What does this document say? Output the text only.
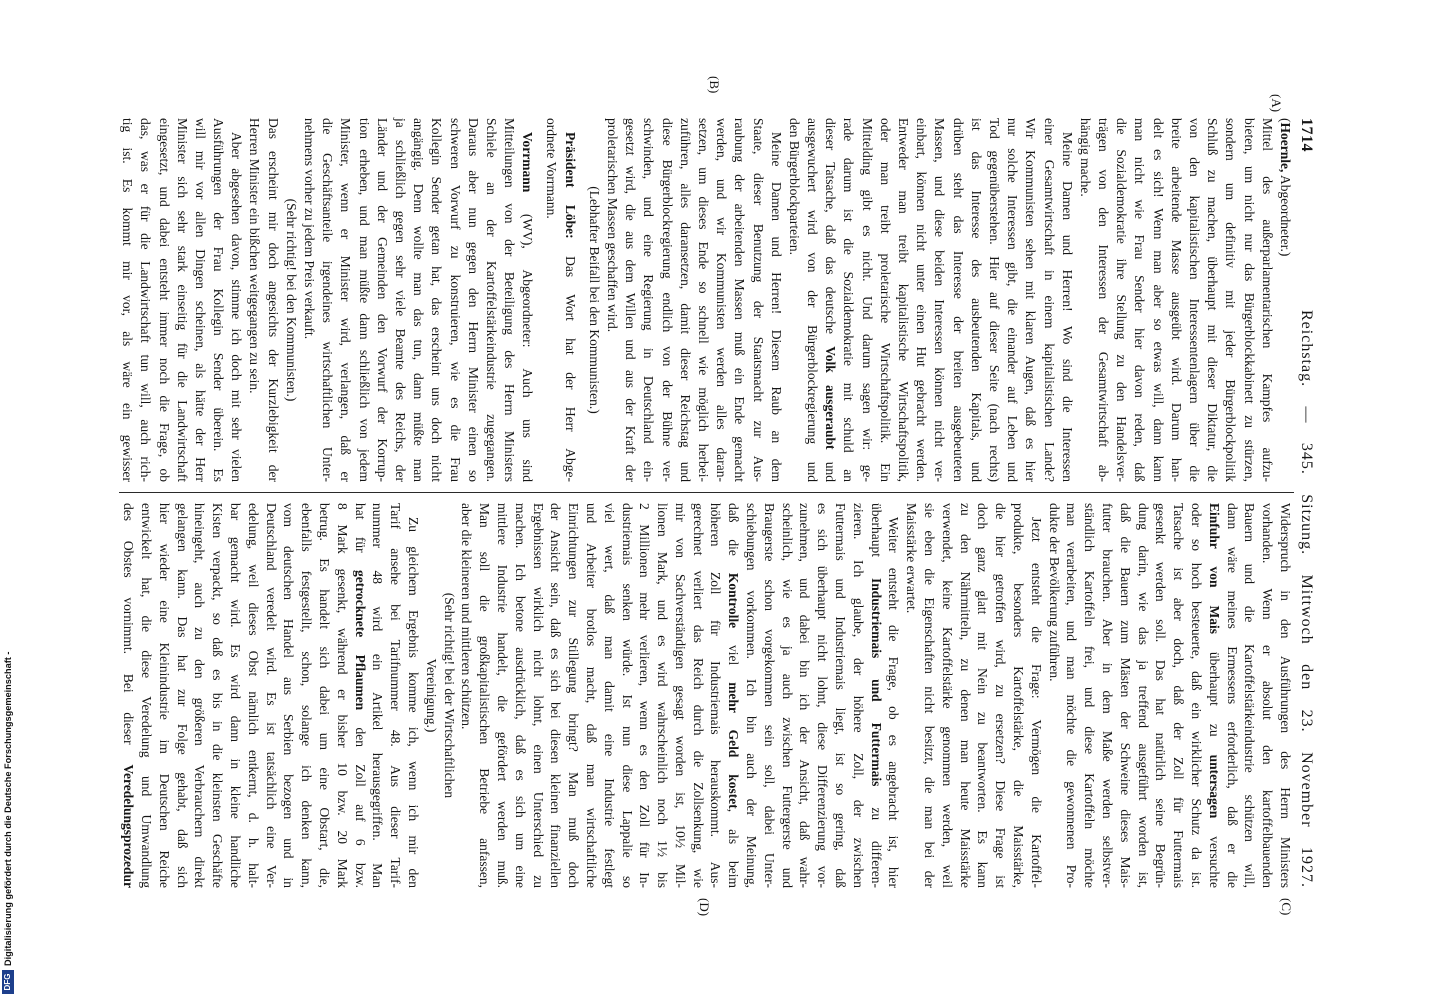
1714
Reichstag. — 345. Sitzung. Mittwoch den 23. November 1927.
(A)
(B)
(C)
(D)
(Hoernle, Abgeordneter.)
Mittel des außerparlamentarischen Kampfes aufzu-
bieten, um nicht nur das Bürgerblockkabinett zu stürzen,
sondern um definitiv mit jeder Bürgerblockpolitik
Schluß zu machen, überhaupt mit dieser Diktatur, die
von den kapitalistischen Interessentenlagern über die
breite arbeitende Masse ausgeübt wird. Darum han-
delt es sich! Wenn man aber so etwas will, dann kann
man nicht wie Frau Sender hier davon reden, daß
die Sozialdemokratie ihre Stellung zu den Handelsver-
trägen von den Interessen der Gesamtwirtschaft ab-
hängig mache.
Meine Damen und Herren! Wo sind die Interessen
einer Gesamtwirtschaft in einem kapitalistischen Lande?
Wir Kommunisten sehen mit klaren Augen, daß es hier
nur solche Interessen gibt, die einander auf Leben und
Tod gegenüberstehen. Hier auf dieser Seite (nach rechts)
ist das Interesse des ausbeutenden Kapitals, und
drüben steht das Interesse der breiten ausgebeuteten
Massen, und diese beiden Interessen können nicht ver-
einbart, können nicht unter einen Hut gebracht werden.
Entweder man treibt kapitalistische Wirtschaftspolitik,
oder man treibt proletarische Wirtschaftspolitik. Ein
Mittelding gibt es nicht. Und darum sagen wir: ge-
rade darum ist die Sozialdemokratie mit schuld an
dieser Tatsache, daß das deutsche Volk ausgeraubt und
ausgewuchert wird von der Bürgerblockregierung und
den Bürgerblockparteien.
Meine Damen und Herren! Diesem Raub an dem
Staate, dieser Benutzung der Staatsmacht zur Aus-
raubung der arbeitenden Massen muß ein Ende gemacht
werden, und wir Kommunisten werden alles daran-
setzen, um dieses Ende so schnell wie möglich herbei-
zuführen, alles daransetzen, damit dieser Reichstag und
diese Bürgerblockregierung endlich von der Bühne ver-
schwinden, und eine Regierung in Deutschland ein-
gesetzt wird, die aus dem Willen und aus der Kraft der
proletarischen Massen geschaffen wird.
(Lebhafter Beifall bei den Kommunisten.)
Präsident Löbe: Das Wort hat der Herr Abge-
ordnete Vorrmann.
Vorrmann (WV), Abgeordneter: Auch uns sind
Mitteilungen von der Beteiligung des Herrn Ministers
Schiele an der Kartoffelstärkeindustrie zugegangen.
Daraus aber nun gegen den Herrn Minister einen so
schweren Vorwurf zu konstruieren, wie es die Frau
Kollegin Sender getan hat, das erscheint uns doch nicht
angängig. Denn wollte man das tun, dann müßte man
ja schließlich gegen sehr viele Beamte des Reichs, der
Länder und der Gemeinden den Vorwurf der Korrup-
tion erheben, und man müßte dann schließlich von jedem
Minister, wenn er Minister wird, verlangen, daß er
die Geschäftsanteile irgendeines wirtschaftlichen Unter-
nehmens vorher zu jedem Preis verkauft.
(Sehr richtig! bei den Kommunisten.)
Das erscheint mir doch angesichts der Kurzlebigkeit der
Herren Minister ein bißchen weitgegangen zu sein.
Aber abgesehen davon, stimme ich doch mit sehr vielen
Ausführungen der Frau Kollegin Sender überein. Es
will mir vor allen Dingen scheinen, als hätte der Herr
Minister sich sehr stark einseitig für die Landwirtschaft
eingesetzt, und dabei entsteht immer noch die Frage, ob
das, was er für die Landwirtschaft tun will, auch rich-
tig ist. Es kommt mir vor, als wäre ein gewisser
Widerspruch in den Ausführungen des Herrn Ministers
vorhanden. Wenn er absolut den kartoffelbauenden
Bauern und die Kartoffelstärkeindustrie schützen will,
dann wäre meines Ermessens erforderlich, daß er die
Einfuhr von Mais überhaupt zu untersagen versuchte
oder so hoch besteuerte, daß ein wirklicher Schutz da ist.
Tatsache ist aber doch, daß der Zoll für Futtermais
gesenkt werden soll. Das hat natürlich seine Begrün-
dung darin, wie das ja treffend ausgeführt worden ist,
daß die Bauern zum Mästen der Schweine dieses Mais-
futter brauchen. Aber in dem Maße werden selbstver-
ständlich Kartoffeln frei, und diese Kartoffeln möchte
man verarbeiten, und man möchte die gewonnenen Pro-
dukte der Bevölkerung zuführen.
Jetzt entsteht die Frage: Vermögen die Kartoffel-
produkte, besonders Kartoffelstärke, die Maisstärke,
die hier getroffen wird, zu ersetzen? Diese Frage ist
doch ganz glatt mit Nein zu beantworten. Es kann
zu den Nährmitteln, zu denen man heute Maisstärke
verwendet, keine Kartoffelstärke genommen werden, weil
sie eben die Eigenschaften nicht besitzt, die man bei der
Maisstärke erwartet.
Weiter entsteht die Frage, ob es angebracht ist, hier
überhaupt Industriemais und Futtermais zu differen-
zieren. Ich glaube, der höhere Zoll, der zwischen
Futtermais und Industriemais liegt, ist so gering, daß
es sich überhaupt nicht lohnt, diese Differenzierung vor-
zunehmen, und dabei bin ich der Ansicht, daß wahr-
scheinlich, wie es ja auch zwischen Futtergerste und
Braugerste schon vorgekommen sein soll, dabei Unter-
schiebungen vorkommen. Ich bin auch der Meinung,
daß die Kontrolle viel mehr Geld kostet, als beim
höheren Zoll für Industriemais herauskommt. Aus-
gerechnet verliert das Reich durch die Zollsenkung, wie
mir von Sachverständigen gesagt worden ist, 10½ Mil-
lionen Mark, und es wird wahrscheinlich noch 1½ bis
2 Millionen mehr verlieren, wenn es den Zoll für In-
dustriemais senken würde. Ist nun diese Lappalie so
viel wert, daß man damit eine Industrie festlegt
und Arbeiter brotlos macht, daß man wirtschaftliche
Einrichtungen zur Stillegung bringt? Man muß doch
der Ansicht sein, daß es sich bei diesen kleinen finanziellen
Ergebnissen wirklich nicht lohnt, einen Unterschied zu
machen. Ich betone ausdrücklich, daß es sich um eine
mittlere Industrie handelt, die gefördert werden muß.
Man soll die großkapitalistischen Betriebe anfassen,
aber die kleineren und mittleren schützen.
(Sehr richtig! bei der Wirtschaftlichen
Vereinigung.)
Zu gleichem Ergebnis komme ich, wenn ich mir den
Tarif ansehe bei Tarifnummer 48. Aus dieser Tarif-
nummer 48 wird ein Artikel herausgegriffen. Man
hat für getrocknete Pflaumen den Zoll auf 6 bzw.
8 Mark gesenkt, während er bisher 10 bzw. 20 Mark
betrug. Es handelt sich dabei um eine Obstart, die,
ebenfalls festgestellt, schon, solange ich denken kann,
vom deutschen Handel aus Serbien bezogen und in
Deutschland veredelt wird. Es ist tatsächlich eine Ver-
edelung, weil dieses Obst nämlich entkernt, d. h. halt-
bar gemacht wird. Es wird dann in kleine handliche
Kisten verpackt, so daß es bis in die kleinsten Geschäfte
hineingeht, auch zu den größeren Verbrauchern direkt
gelangen kann. Das hat zur Folge gehabt, daß sich
hier wieder eine Kleinindustrie im Deutschen Reiche
entwickelt hat, die diese Veredelung und Umwandlung
des Obstes vornimmt. Bei dieser Veredelungsprozedur
Digitalisierung gefördert durch die Deutsche Forschungsgemeinschaft -
DFG
